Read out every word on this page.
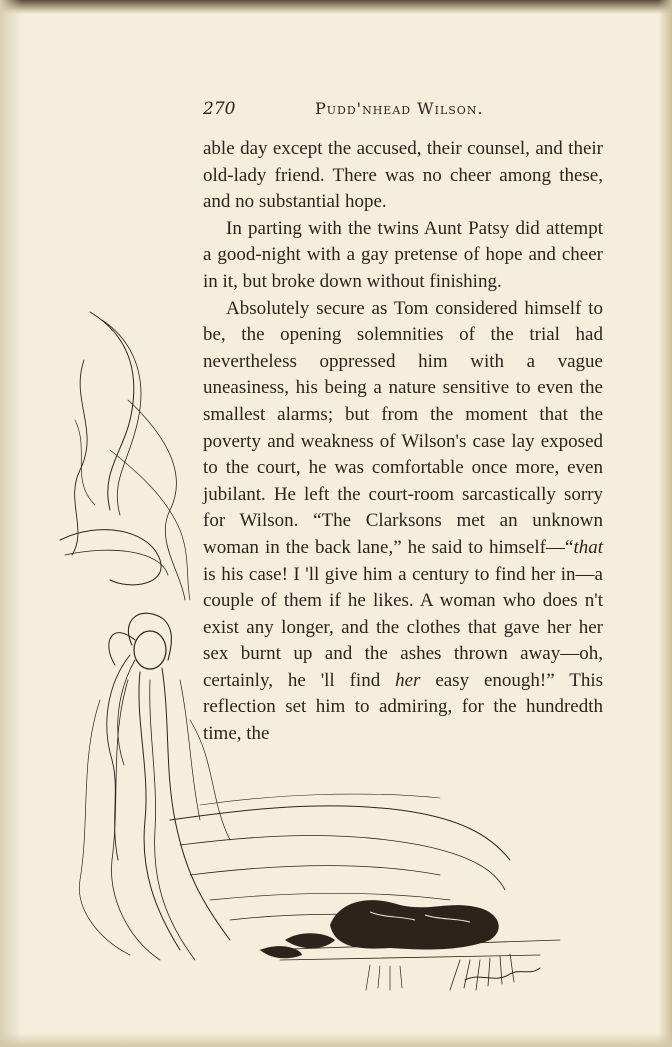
270	Pudd'nhead Wilson.

able day except the accused, their counsel, and their old-lady friend. There was no cheer among these, and no substantial hope.

In parting with the twins Aunt Patsy did attempt a good-night with a gay pretense of hope and cheer in it, but broke down without finishing.

Absolutely secure as Tom considered himself to be, the opening solemnities of the trial had nevertheless oppressed him with a vague uneasiness, his being a nature sensitive to even the smallest alarms; but from the moment that the poverty and weakness of Wilson's case lay exposed to the court, he was comfortable once more, even jubilant. He left the court-room sarcastically sorry for Wilson. “The Clarksons met an unknown woman in the back lane,” he said to himself—“that is his case! I 'll give him a century to find her in—a couple of them if he likes. A woman who does n't exist any longer, and the clothes that gave her her sex burnt up and the ashes thrown away—oh, certainly, he 'll find her easy enough!” This reflection set him to admiring, for the hundredth time, the
